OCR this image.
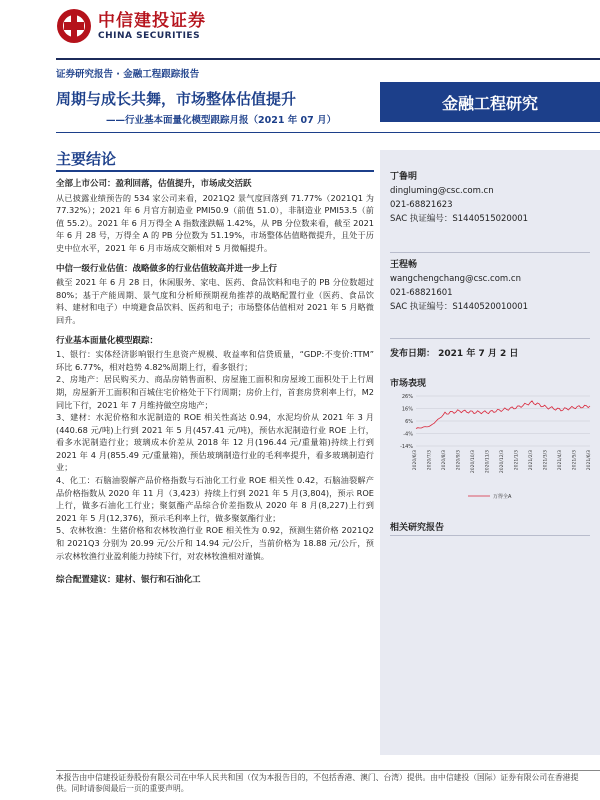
中信建投证券
CHINA SECURITIES
证券研究报告 · 金融工程跟踪报告
周期与成长共舞，市场整体估值提升
——行业基本面量化模型跟踪月报（2021 年 07 月）
金融工程研究
主要结论
全部上市公司：盈利回落，估值提升，市场成交活跃
从已披露业绩预告的 534 家公司来看，2021Q2 景气度回落到 71.77%（2021Q1 为 77.32%）；2021 年 6 月官方制造业 PMI50.9（前值 51.0），非制造业 PMI53.5（前值 55.2）。2021 年 6 月万得全 A 指数涨跌幅 1.42%，从 PB 分位数来看，截至 2021 年 6 月 28 号，万得全 A 的 PB 分位数为 51.19%，市场整体估值略微提升，且处于历史中位水平，2021 年 6 月市场成交额相对 5 月微幅提升。
中信一级行业估值：战略做多的行业估值较高并进一步上行
截至 2021 年 6 月 28 日，休闲服务、家电、医药、食品饮料和电子的 PB 分位数超过 80%；基于产能周期、景气度和分析师预期视角推荐的战略配置行业（医药、食品饮料、建材和电子）中境避食品饮料、医药和电子；市场整体估值相对 2021 年 5 月略微回升。
行业基本面量化模型跟踪：
1、银行：实体经济影响银行生息资产规模、收益率和信贷质量，“GDP:不变价:TTM” 环比 6.77%，相对趋势 4.82%周期上行，看多银行；
2、房地产：居民购买力、商品房销售面积、房屋施工面积和房屋竣工面积处于上行周期，房屋新开工面积和百城住宅价格处于下行周期；房价上行，首套房贷利率上行，M2 同比下行，2021 年 7 月维持做空房地产；
3、建材：水泥价格和水泥制造的 ROE 相关性高达 0.94，水泥均价从 2021 年 3 月(440.68 元/吨)上行到 2021 年 5 月(457.41 元/吨)，预估水泥制造行业 ROE 上行，看多水泥制造行业；玻璃成本价差从 2018 年 12 月(196.44 元/重量箱)持续上行到 2021 年 4 月(855.49 元/重量箱)，预估玻璃制造行业的毛利率提升，看多玻璃制造行业；
4、化工：石脑油裂解产品价格指数与石油化工行业 ROE 相关性 0.42，石脑油裂解产品价格指数从 2020 年 11 月（3,423）持续上行到 2021 年 5 月(3,804)，预示 ROE 上行，做多石油化工行业；聚氨酯产品综合价差指数从 2020 年 8 月(8,227)上行到 2021 年 5 月(12,376)，预示毛利率上行，做多聚氨酯行业；
5、农林牧渔：生猪价格和农林牧渔行业 ROE 相关性为 0.92，预测生猪价格 2021Q2 和 2021Q3 分别为 20.99 元/公斤和 14.94 元/公斤，当前价格为 18.88 元/公斤，预示农林牧渔行业盈利能力持续下行，对农林牧渔相对谨慎。
综合配置建议：建材、银行和石油化工
丁鲁明
dingluming@csc.com.cn
021-68821623
SAC 执证编号：S1440515020001
王程畅
wangchengchang@csc.com.cn
021-68821601
SAC 执证编号：S1440520010001
发布日期： 2021 年 7 月 2 日
市场表现
26%
16%
6%
-4%
-14%
2020/6/3 2020/7/3 2020/8/3 2020/9/3 2020/10/3 2020/11/3 2020/12/3 2021/1/3 2021/2/3 2021/3/3 2021/4/3 2021/5/3 2021/6/3
万得全A
相关研究报告
本报告由中信建投证券股份有限公司在中华人民共和国（仅为本报告目的，不包括香港、澳门、台湾）提供。由中信建投（国际）证券有限公司在香港提供。同时请参阅最后一页的重要声明。
